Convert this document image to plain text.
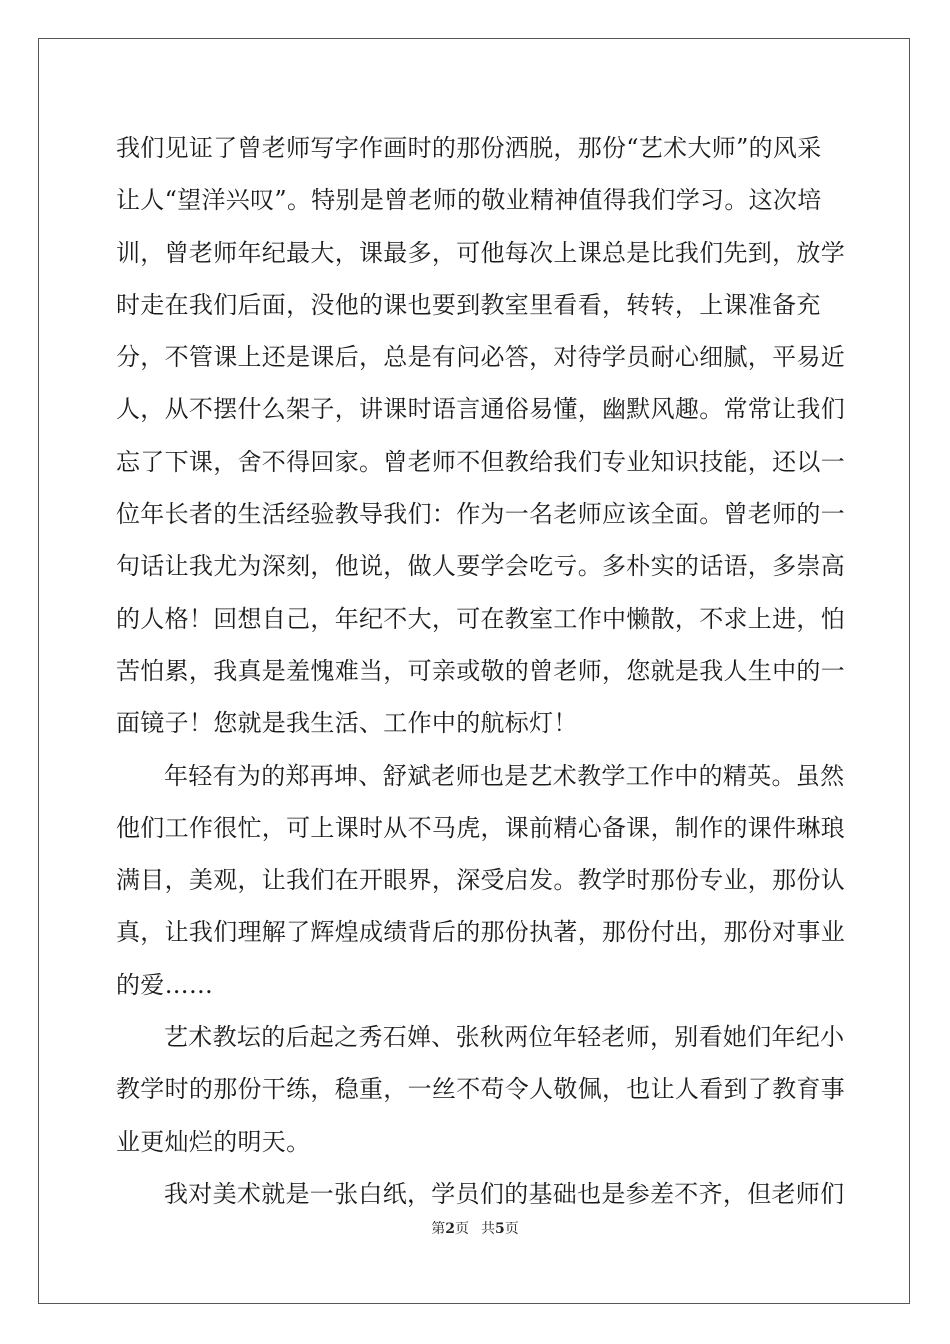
我们见证了曾老师写字作画时的那份洒脱，那份“艺术大师”的风采
让人“望洋兴叹”。特别是曾老师的敬业精神值得我们学习。这次培
训，曾老师年纪最大，课最多，可他每次上课总是比我们先到，放学
时走在我们后面，没他的课也要到教室里看看，转转，上课准备充
分，不管课上还是课后，总是有问必答，对待学员耐心细腻，平易近
人，从不摆什么架子，讲课时语言通俗易懂，幽默风趣。常常让我们
忘了下课，舍不得回家。曾老师不但教给我们专业知识技能，还以一
位年长者的生活经验教导我们：作为一名老师应该全面。曾老师的一
句话让我尤为深刻，他说，做人要学会吃亏。多朴实的话语，多崇高
的人格！回想自己，年纪不大，可在教室工作中懒散，不求上进，怕
苦怕累，我真是羞愧难当，可亲或敬的曾老师，您就是我人生中的一
面镜子！您就是我生活、工作中的航标灯！
年轻有为的郑再坤、舒斌老师也是艺术教学工作中的精英。虽然
他们工作很忙，可上课时从不马虎，课前精心备课，制作的课件琳琅
满目，美观，让我们在开眼界，深受启发。教学时那份专业，那份认
真，让我们理解了辉煌成绩背后的那份执著，那份付出，那份对事业
的爱……
艺术教坛的后起之秀石婵、张秋两位年轻老师，别看她们年纪小
教学时的那份干练，稳重，一丝不苟令人敬佩，也让人看到了教育事
业更灿烂的明天。
我对美术就是一张白纸，学员们的基础也是参差不齐，但老师们
第2页 共5页
